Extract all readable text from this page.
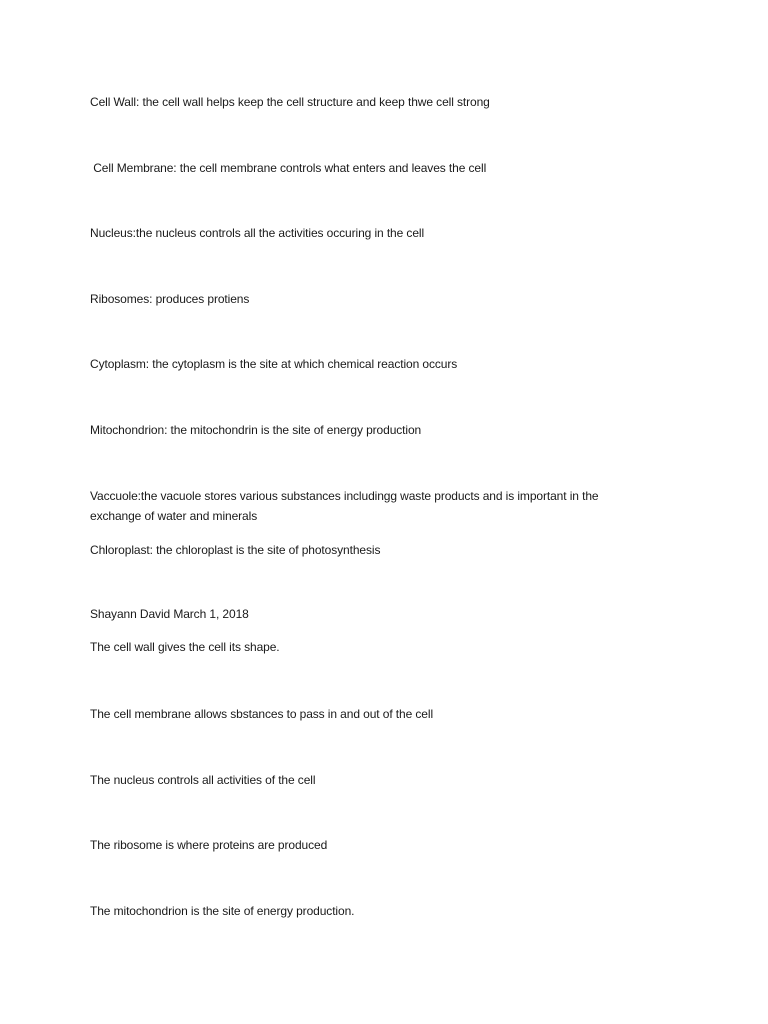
Cell Wall: the cell wall helps keep the cell structure and keep thwe cell strong
Cell Membrane: the cell membrane controls what enters and leaves the cell
Nucleus:the nucleus controls all the activities occuring in the cell
Ribosomes: produces protiens
Cytoplasm: the cytoplasm is the site at which chemical reaction occurs
Mitochondrion: the mitochondrin is the site of energy production
Vaccuole:the vacuole stores various substances includingg waste products and is important in the exchange of water and minerals
Chloroplast: the chloroplast is the site of photosynthesis
Shayann David March 1, 2018
The cell wall gives the cell its shape.
The cell membrane allows sbstances to pass in and out of the cell
The nucleus controls all activities of the cell
The ribosome is where proteins are produced
The mitochondrion is the site of energy production.
